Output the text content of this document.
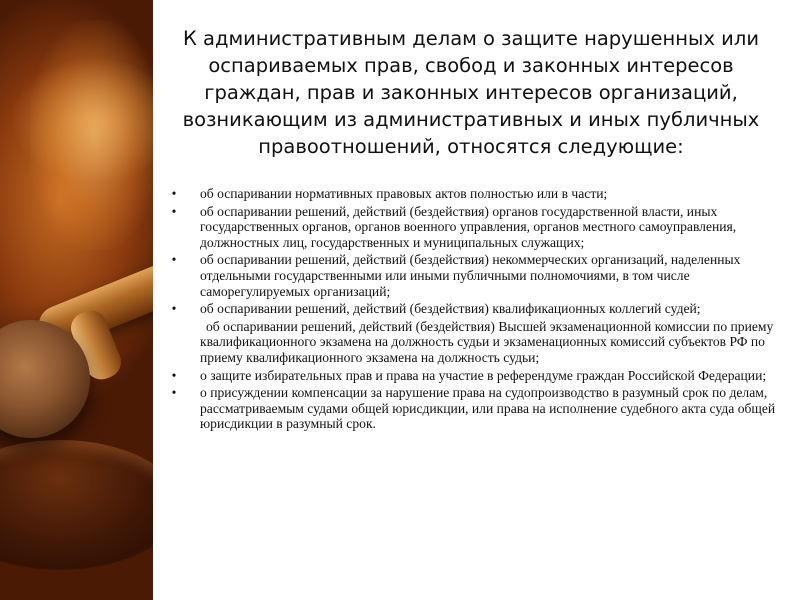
К административным делам о защите нарушенных или оспариваемых прав, свобод и законных интересов граждан, прав и законных интересов организаций, возникающим из административных и иных публичных правоотношений, относятся следующие:
• об оспаривании нормативных правовых актов полностью или в части;
• об оспаривании решений, действий (бездействия) органов государственной власти, иных государственных органов, органов военного управления, органов местного самоуправления, должностных лиц, государственных и муниципальных служащих;
• об оспаривании решений, действий (бездействия) некоммерческих организаций, наделенных отдельными государственными или иными публичными полномочиями, в том числе саморегулируемых организаций;
• об оспаривании решений, действий (бездействия) квалификационных коллегий судей;
об оспаривании решений, действий (бездействия) Высшей экзаменационной комиссии по приему квалификационного экзамена на должность судьи и экзаменационных комиссий субъектов РФ по приему квалификационного экзамена на должность судьи;
• о защите избирательных прав и права на участие в референдуме граждан Российской Федерации;
• о присуждении компенсации за нарушение права на судопроизводство в разумный срок по делам, рассматриваемым судами общей юрисдикции, или права на исполнение судебного акта суда общей юрисдикции в разумный срок.
